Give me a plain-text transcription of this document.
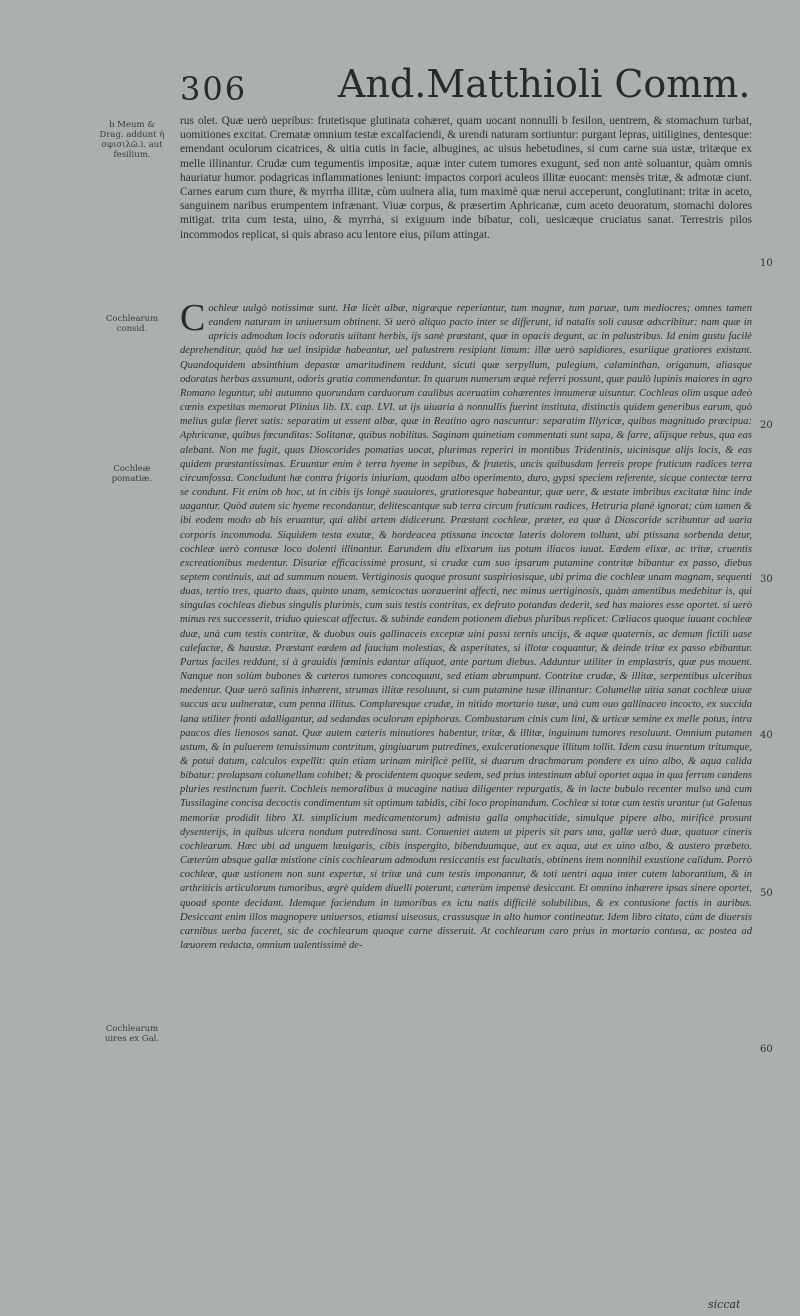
306 And.Matthioli Comm.
b Meum & Drag. addunt ἡ σφισιλῶ.i. aut fesilium.
Cochlearum consid.
Cochleæ pomatiæ.
Cochlearum uires ex Gal.
10
20
30
40
50
60

rus olet. Quæ uerò uepribus: frutetisque glutinata cohæret, quam uocant nonnulli b fesilon, uentrem, & stomachum turbat, uomitiones excitat. Crematæ omnium testæ excalfaciendi, & urendi naturam sortiuntur: purgant lepras, uitiligines, dentesque: emendant oculorum cicatrices, & uitia cutis in facie, albugines, ac uisus hebetudines, si cum carne sua ustæ, tritæque ex melle illinantur. Crudæ cum tegumentis impositæ, aquæ inter cutem tumores exugunt, sed non antè soluantur, quàm omnis hauriatur humor. podagricas inflammationes leniunt: impactos corpori aculeos illitæ euocant: mensès tritæ, & admotæ ciunt. Carnes earum cum thure, & myrrha illitæ, cùm uulnera alia, tum maximè quæ nerui acceperunt, conglutinant: tritæ in aceto, sanguinem naribus erumpentem infrænant. Viuæ corpus, & præsertim Aphricanæ, cum aceto deuoratum, stomachi dolores mitigat. trita cum testa, uino, & myrrha, si exiguum inde bibatur, coli, uesicæque cruciatus sanat. Terrestris pilos incommodos replicat, si quis abraso acu lentore eius, pilum attingat.

C ochleæ uulgò notissimæ sunt. Hæ licèt albæ, nigræque reperiantur, tum magnæ, tum paruæ, tum mediocres; omnes tamen eandem naturam in uniuersum obtinent. Si uerò aliquo pacto inter se differunt, id natalis soli causæ adscribitur: nam quæ in apricis admodum locis odoratis uiitant herbis, ijs sanè præstant, quæ in opacis degunt, ac in palustribus. Id enim gustu facilè deprehenditur, quòd hæ uel insipidæ habeantur, uel palustrem resipiant limum: illæ uerò sapidiores, esuriique gratiores existant. Quandoquidem absinthium depastæ amaritudinem reddunt, sicuti quæ serpyllum, pulegium, calaminthan, origanum, aliasque odoratas herbas assumunt, odoris gratia commendantur. In quarum numerum æquè referri possunt, quæ paulò lupinis maiores in agro Romano leguntur, ubi autumno quorundam carduorum caulibus aceruatim cohærentes innumeræ uisuntur. Cochleas olim usque adeò cœnis expetitas memorat Plinius lib. IX. cap. LVI. ut ijs uiuaria à nonnullis fuerint instituta, distinctis quidem generibus earum, quò melius gulæ fieret satis: separatim ut essent albæ, quæ in Reatino agro nascuntur: separatim Illyricæ, quibus magnitudo præcipua: Aphricanæ, quibus fœcunditas: Solitanæ, quibus nobilitas. Saginam quinetiam commentati sunt sapa, & farre, alijsque rebus, qua eas alebant. Non me fugit, quas Dioscorides pomatias uocat, plurimas reperiri in montibus Tridentinis, uicinisque alijs locis, & eas quidem præstantissimas. Eruuntur enim è terra hyeme in sepibus, & frutetis, uncis quibusdam ferreis prope fruticum radices terra circumfossa. Concludunt hæ contra frigoris iniuriam, quodam albo operimento, duro, gypsi speciem referente, sicque contectæ terra se condunt. Fit enim ob hoc, ut in cibis ijs longè suauiores, gratioresque habeantur, quæ uere, & æstate imbribus excitatæ hinc inde uagantur. Quòd autem sic hyeme recondantur, delitescantque sub terra circum fruticum radices, Hetruria planè ignorat; cùm tamen & ibi eodem modo ab his eruantur, qui alibi artem didicerunt. Præstant cochleæ, præter, ea quæ à Dioscoride scribuntur ad uaria corporis incommoda. Siquidem testa exutæ, & hordeacea ptissana incoctæ lateris dolorem tollunt, ubi ptissana sorbenda detur, cochleæ uerò contusæ loco dolenti illinantur. Earundem diu elixarum ius potum iliacos iuuat. Eædem elixæ, ac tritæ, cruentis excreationibus medentur. Disuriæ efficacissimè prosunt, si crudæ cum suo ipsarum putamine contritæ bibantur ex passo, diebus septem continuis, aut ad summum nouem. Vertiginosis quoque prosunt suspiriosisque, ubi prima die cochleæ unam magnam, sequenti duas, tertio tres, quarto duas, quinto unam, semicoctas uorauerint affecti, nec minus uertiginosis, quàm amentibus medebitur is, qui singulas cochleas diebus singulis plurimis, cum suis testis contritas, ex defruto potandas dederit, sed has maiores esse oportet. si uerò minus res successerit, triduo quiescat affectus. & subinde eandem potionem diebus pluribus replicet: Cœliacos quoque iuuant cochleæ duæ, unà cum testis contritæ, & duobus ouis gallinaceis exceptæ uini passi ternis uncijs, & aquæ quaternis, ac demum fictili uase calefactæ, & haustæ. Præstant eædem ad faucium molestias, & asperitates, si illotæ coquantur, & deinde tritæ ex passo ebibantur. Partus faciles reddunt, si à grauidis fœminis edantur aliquot, ante partum diebus. Adduntur utiliter in emplastris, quæ pus mouent. Nanque non solùm bubones & cæteros tumores concoquunt, sed etiam abrumpunt. Contritæ crudæ, & illitæ, serpentibus ulceribus medentur. Quæ uerò salinis inhærent, strumas illitæ resoluunt, si cum putamine tusæ illinantur: Columellæ uitia sanat cochleæ uiuæ succus acu uulneratæ, cum penna illitus. Compluresque crudæ, in nitido mortario tusæ, unà cum ouo gallinaceo incocto, ex succida lana utiliter fronti adalligantur, ad sedandas oculorum epiphoras. Combustarum cinis cum lini, & urticæ semine ex melle potus, intra paucos dies lienosos sanat. Quæ autem cæteris minutiores habentur, tritæ, & illitæ, inguinum tumores resoluunt. Omnium putamen ustum, & in puluerem tenuissimum contritum, gingiuarum putredines, exulcerationesque illitum tollit. Idem casu inuentum tritumque, & potui datum, calculos expellit: quin etiam urinam mirificè pellit, si duarum drachmarum pondere ex uino albo, & aqua calida bibatur: prolapsam columellam cohibet; & procidentem quoque sedem, sed prius intestinum ablui oportet aqua in qua ferrum candens pluries restinctum fuerit. Cochleis nemoralibus à mucagine natiua diligenter repurgatis, & in lacte bubulo recenter mulso unà cum Tussilagine concisa decoctis condimentum sit optimum tabidis, cibi loco propinandum. Cochleæ si totæ cum testis urantur (ut Galenus memoriæ prodidit libro XI. simplicium medicamentorum) admista galla omphacitide, simulque pipere albo, mirificè prosunt dysenterijs, in quibus ulcera nondum putredinosa sunt. Conueniet autem ut piperis sit pars una, gallæ uerò duæ, quatuor cineris cochlearum. Hæc ubi ad unguem læuigaris, cibis inspergito, bibenduumque, aut ex aqua, aut ex uino albo, & austero præbeto. Cæterùm absque gallæ mistione cinis cochlearum admodum resiccantis est facultatis, obtinens item nonnihil exustione calidum. Porrò cochleæ, quæ ustionem non sunt expertæ, si tritæ unà cum testis imponantur, & toti uentri aqua inter cutem laborantium, & in arthriticis articulorum tumoribus, ægrè quidem diuelli poterunt, cæterùm impensè desiccant. Et omnino inhærere ipsas sinere oportet, quoad sponte decidant. Idemque faciendum in tumoribus ex ictu natis difficilè solubilibus, & ex contusione factis in auribus. Desiccant enim illos magnopere uniuersos, etiamsi uiseosus, crassusque in alto humor contineatur. Idem libro citato, cùm de diuersis carnibus uerba faceret, sic de cochlearum quoque carne disseruit. At cochlearum caro prius in mortario contusa, ac postea ad læuorem redacta, omnium ualentissimè de-

siccat
